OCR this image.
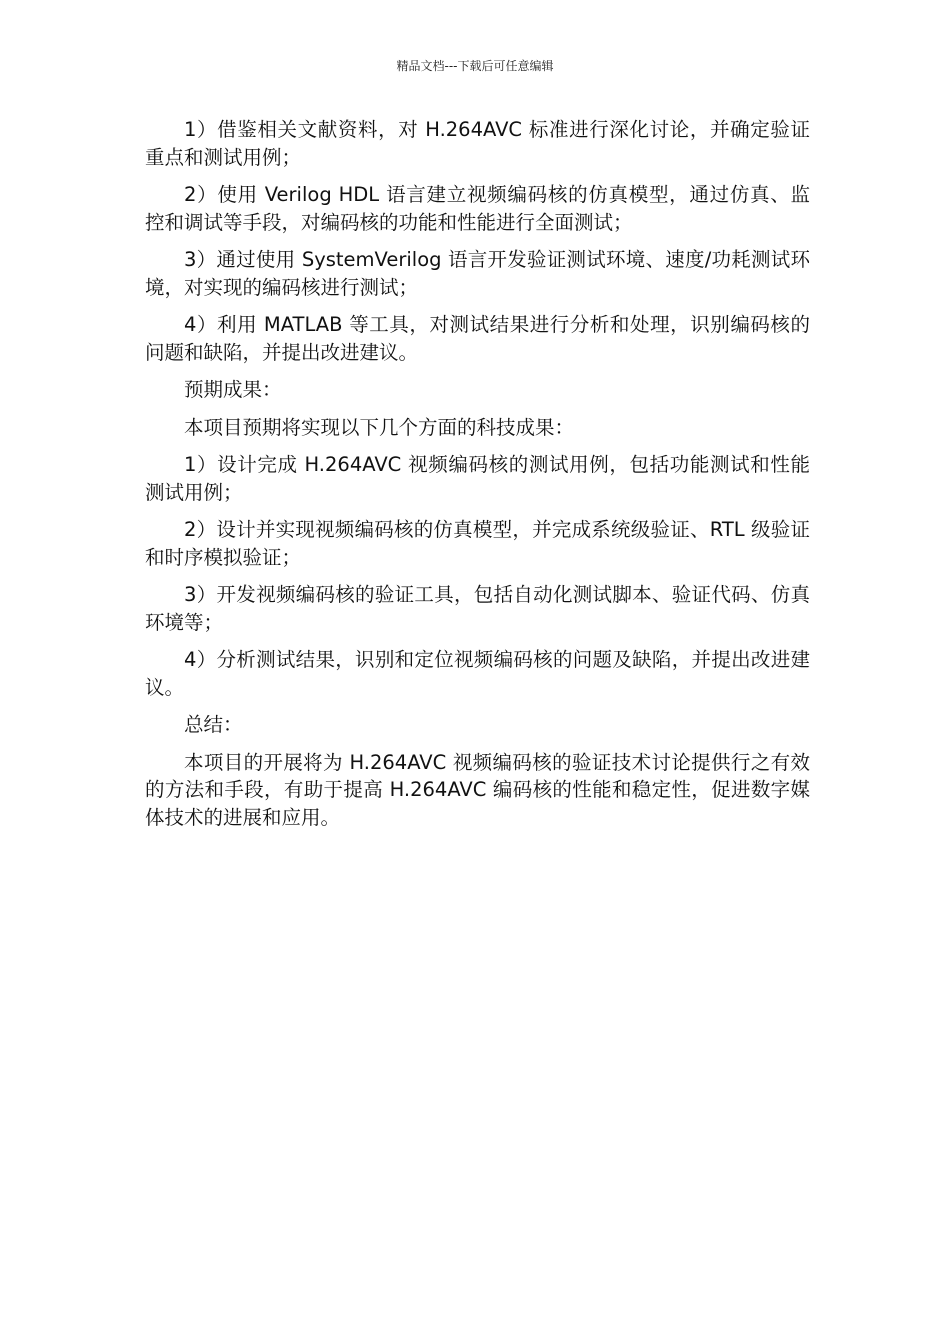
精品文档---下载后可任意编辑

1）借鉴相关文献资料，对 H.264AVC 标准进行深化讨论，并确定验证重点和测试用例；

2）使用 Verilog HDL 语言建立视频编码核的仿真模型，通过仿真、监控和调试等手段，对编码核的功能和性能进行全面测试；

3）通过使用 SystemVerilog 语言开发验证测试环境、速度/功耗测试环境，对实现的编码核进行测试；

4）利用 MATLAB 等工具，对测试结果进行分析和处理，识别编码核的问题和缺陷，并提出改进建议。

预期成果：

本项目预期将实现以下几个方面的科技成果：

1）设计完成 H.264AVC 视频编码核的测试用例，包括功能测试和性能测试用例；

2）设计并实现视频编码核的仿真模型，并完成系统级验证、RTL 级验证和时序模拟验证；

3）开发视频编码核的验证工具，包括自动化测试脚本、验证代码、仿真环境等；

4）分析测试结果，识别和定位视频编码核的问题及缺陷，并提出改进建议。

总结：

本项目的开展将为 H.264AVC 视频编码核的验证技术讨论提供行之有效的方法和手段，有助于提高 H.264AVC 编码核的性能和稳定性，促进数字媒体技术的进展和应用。
